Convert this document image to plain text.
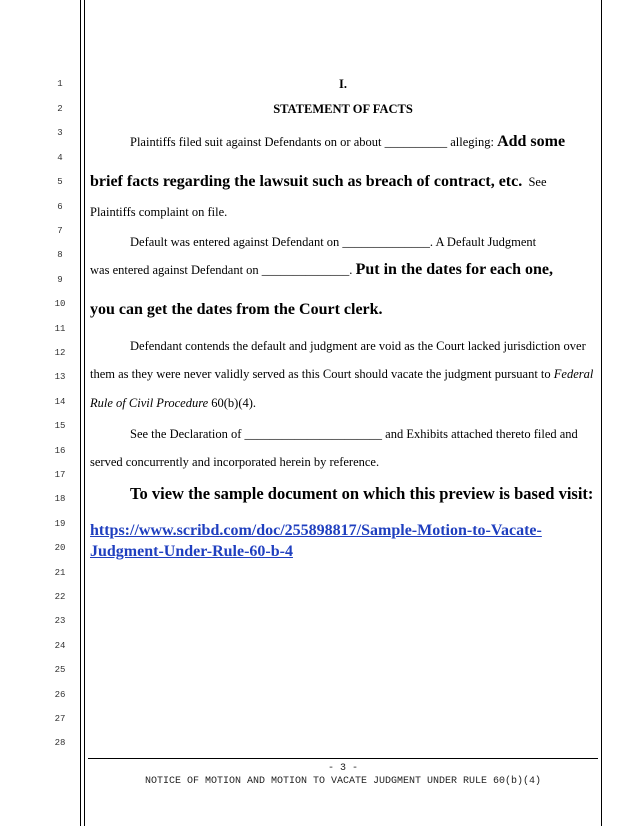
1
2
3
4
5
6
7
8
9
10
11
12
13
14
15
16
17
18
19
20
21
22
23
24
25
26
27
28
I.
STATEMENT OF FACTS
Plaintiffs filed suit against Defendants on or about __________ alleging: Add some
brief facts regarding the lawsuit such as breach of contract, etc. See
Plaintiffs complaint on file.
Default was entered against Defendant on ______________. A Default Judgment
was entered against Defendant on ______________. Put in the dates for each one,
you can get the dates from the Court clerk.
Defendant contends the default and judgment are void as the Court lacked jurisdiction over
them as they were never validly served as this Court should vacate the judgment pursuant to Federal
Rule of Civil Procedure 60(b)(4).
See the Declaration of ______________________ and Exhibits attached thereto filed and
served concurrently and incorporated herein by reference.
To view the sample document on which this preview is based visit:
https://www.scribd.com/doc/255898817/Sample-Motion-to-Vacate-
Judgment-Under-Rule-60-b-4
- 3 -
NOTICE OF MOTION AND MOTION TO VACATE JUDGMENT UNDER RULE 60(b)(4)
